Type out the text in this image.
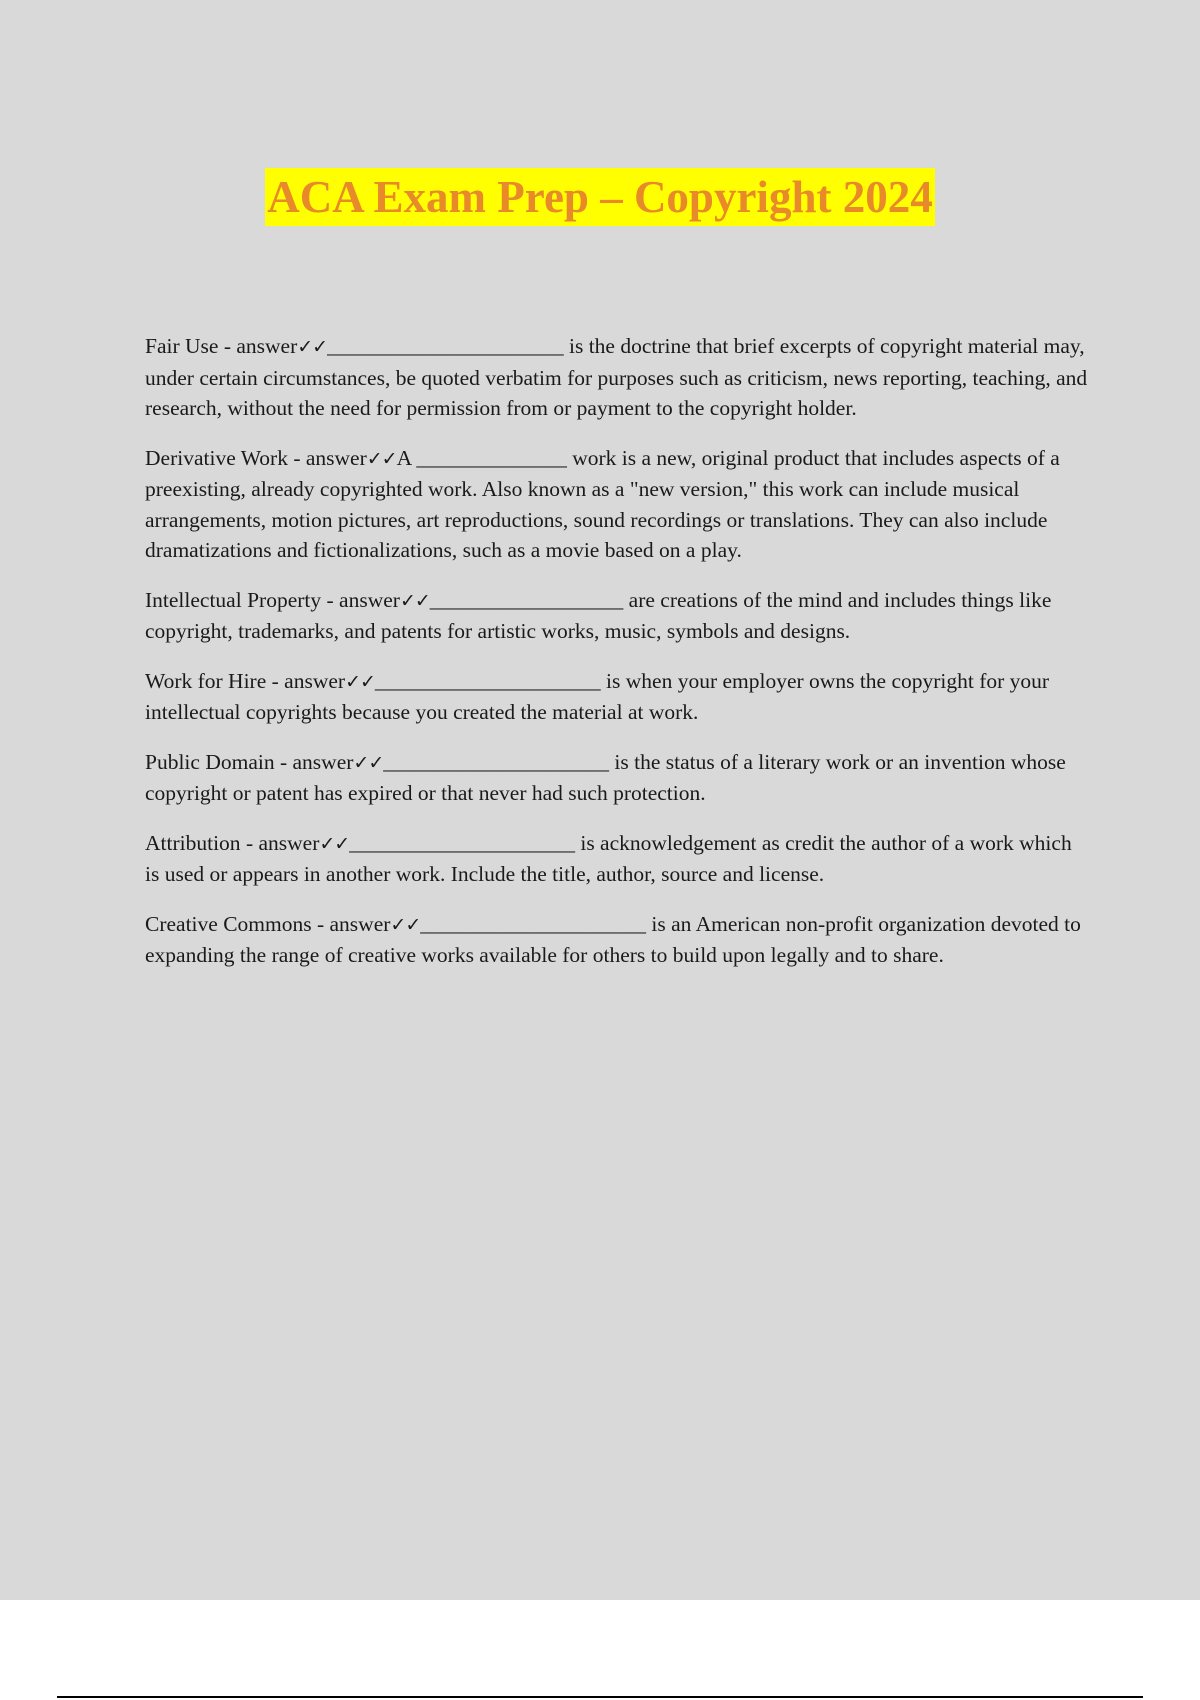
ACA Exam Prep – Copyright 2024

Fair Use - answer✓✓______________________ is the doctrine that brief excerpts of copyright material may, under certain circumstances, be quoted verbatim for purposes such as criticism, news reporting, teaching, and research, without the need for permission from or payment to the copyright holder.

Derivative Work - answer✓✓A ______________ work is a new, original product that includes aspects of a preexisting, already copyrighted work. Also known as a "new version," this work can include musical arrangements, motion pictures, art reproductions, sound recordings or translations. They can also include dramatizations and fictionalizations, such as a movie based on a play.

Intellectual Property - answer✓✓__________________ are creations of the mind and includes things like copyright, trademarks, and patents for artistic works, music, symbols and designs.

Work for Hire - answer✓✓_____________________ is when your employer owns the copyright for your intellectual copyrights because you created the material at work.

Public Domain - answer✓✓_____________________ is the status of a literary work or an invention whose copyright or patent has expired or that never had such protection.

Attribution - answer✓✓_____________________ is acknowledgement as credit the author of a work which is used or appears in another work. Include the title, author, source and license.

Creative Commons - answer✓✓_____________________ is an American non-profit organization devoted to expanding the range of creative works available for others to build upon legally and to share.
